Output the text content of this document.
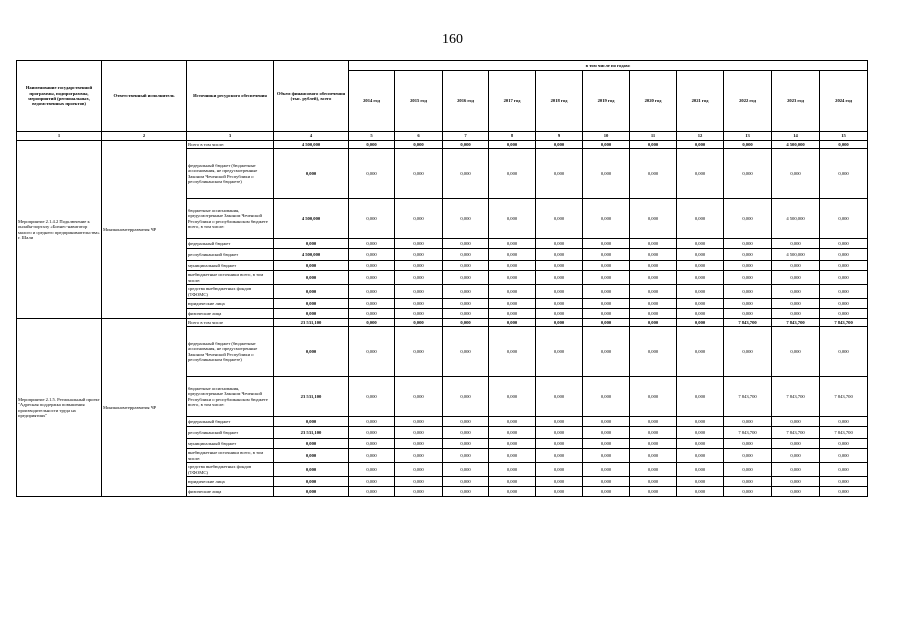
160
Наименование государственной программы, подпрограммы, мероприятий (региональных, ведомственных проектов)	Ответственный исполнитель	Источники ресурсного обеспечения	Объем финансового обеспечения (тыс. рублей), всего	в том числе по годам:										
				2014 год	2015 год	2016 год	2017 год	2018 год	2019 год	2020 год	2021 год	2022 год	2023 год	2024 год
1	2	3	4	5	6	7	8	9	10	11	12	13	14	15
Мероприятие 2.1.4.2 Подключение к онлайн-порталу «Бизнес-навигатор малого и среднего предпринимательства» г. Шали	Минэкономтерразвития ЧР	Всего в том числе:	4 500,000	0,000	0,000	0,000	0,000	0,000	0,000	0,000	0,000	0,000	4 500,000	0,000
		федеральный бюджет (бюджетные ассигнования, не предусмотренные Законом Чеченской Республики о республиканском бюджете)	0,000	0,000	0,000	0,000	0,000	0,000	0,000	0,000	0,000	0,000	0,000	0,000
		бюджетные ассигнования, предусмотренные Законом Чеченской Республики о республиканском бюджете всего, в том числе:	4 500,000	0,000	0,000	0,000	0,000	0,000	0,000	0,000	0,000	0,000	4 500,000	0,000
		федеральный бюджет	0,000	0,000	0,000	0,000	0,000	0,000	0,000	0,000	0,000	0,000	0,000	0,000
		республиканский бюджет	4 500,000	0,000	0,000	0,000	0,000	0,000	0,000	0,000	0,000	0,000	4 500,000	0,000
		муниципальный бюджет	0,000	0,000	0,000	0,000	0,000	0,000	0,000	0,000	0,000	0,000	0,000	0,000
		внебюджетные источники всего, в том числе:	0,000	0,000	0,000	0,000	0,000	0,000	0,000	0,000	0,000	0,000	0,000	0,000
		средства внебюджетных фондов (ТФОМС)	0,000	0,000	0,000	0,000	0,000	0,000	0,000	0,000	0,000	0,000	0,000	0,000
		юридические лица	0,000	0,000	0,000	0,000	0,000	0,000	0,000	0,000	0,000	0,000	0,000	0,000
		физические лица	0,000	0,000	0,000	0,000	0,000	0,000	0,000	0,000	0,000	0,000	0,000	0,000
Мероприятие 2.1.5. Региональный проект "Адресная поддержка повышения производительности труда на предприятиях"	Минэкономтерразвития ЧР	Всего в том числе	23 531,100	0,000	0,000	0,000	0,000	0,000	0,000	0,000	0,000	7 843,700	7 843,700	7 843,700
		федеральный бюджет (бюджетные ассигнования, не предусмотренные Законом Чеченской Республики о республиканском бюджете)	0,000	0,000	0,000	0,000	0,000	0,000	0,000	0,000	0,000	0,000	0,000	0,000
		бюджетные ассигнования, предусмотренные Законом Чеченской Республики о республиканском бюджете всего, в том числе:	23 531,100	0,000	0,000	0,000	0,000	0,000	0,000	0,000	0,000	7 843,700	7 843,700	7 843,700
		федеральный бюджет	0,000	0,000	0,000	0,000	0,000	0,000	0,000	0,000	0,000	0,000	0,000	0,000
		республиканский бюджет	23 531,100	0,000	0,000	0,000	0,000	0,000	0,000	0,000	0,000	7 843,700	7 843,700	7 843,700
		муниципальный бюджет	0,000	0,000	0,000	0,000	0,000	0,000	0,000	0,000	0,000	0,000	0,000	0,000
		внебюджетные источники всего, в том числе:	0,000	0,000	0,000	0,000	0,000	0,000	0,000	0,000	0,000	0,000	0,000	0,000
		средства внебюджетных фондов (ТФОМС)	0,000	0,000	0,000	0,000	0,000	0,000	0,000	0,000	0,000	0,000	0,000	0,000
		юридические лица	0,000	0,000	0,000	0,000	0,000	0,000	0,000	0,000	0,000	0,000	0,000	0,000
		физические лица	0,000	0,000	0,000	0,000	0,000	0,000	0,000	0,000	0,000	0,000	0,000	0,000
